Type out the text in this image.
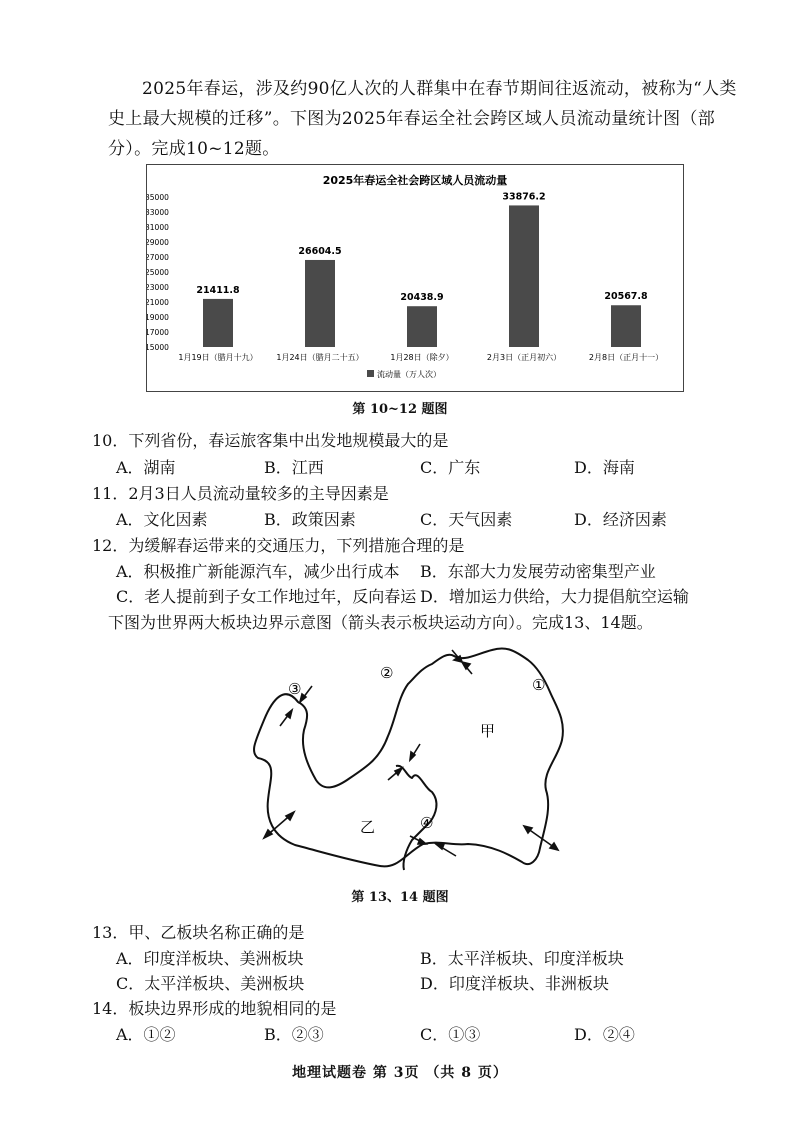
2025年春运，涉及约90亿人次的人群集中在春节期间往返流动，被称为“人类史上最大规模的迁移”。下图为2025年春运全社会跨区域人员流动量统计图（部分）。完成10~12题。

2025年春运全社会跨区域人员流动量
35000
33000
31000
29000
27000
25000
23000
21000
19000
17000
15000
21411.8
26604.5
20438.9
33876.2
20567.8
1月19日（腊月十九） 1月24日（腊月二十五）	1月28日（除夕）	2月3日（正月初六）	2月8日（正月十一）
流动量（万人次）
第 10~12 题图
10．下列省份，春运旅客集中出发地规模最大的是
A．湖南	B．江西	C．广东	D．海南
11．2月3日人员流动量较多的主导因素是
A．文化因素	B．政策因素	C．天气因素	D．经济因素
12．为缓解春运带来的交通压力，下列措施合理的是
A．积极推广新能源汽车，减少出行成本 B．东部大力发展劳动密集型产业
C．老人提前到子女工作地过年，反向春运 D．增加运力供给，大力提倡航空运输
下图为世界两大板块边界示意图（箭头表示板块运动方向）。完成13、14题。
①
②
③
④
甲
乙
第 13、14 题图
13．甲、乙板块名称正确的是
A．印度洋板块、美洲板块	B．太平洋板块、印度洋板块
C．太平洋板块、美洲板块	D．印度洋板块、非洲板块
14．板块边界形成的地貌相同的是
A．①②	B．②③	C．①③	D．②④
地理试题卷 第 3页 （共 8 页）
